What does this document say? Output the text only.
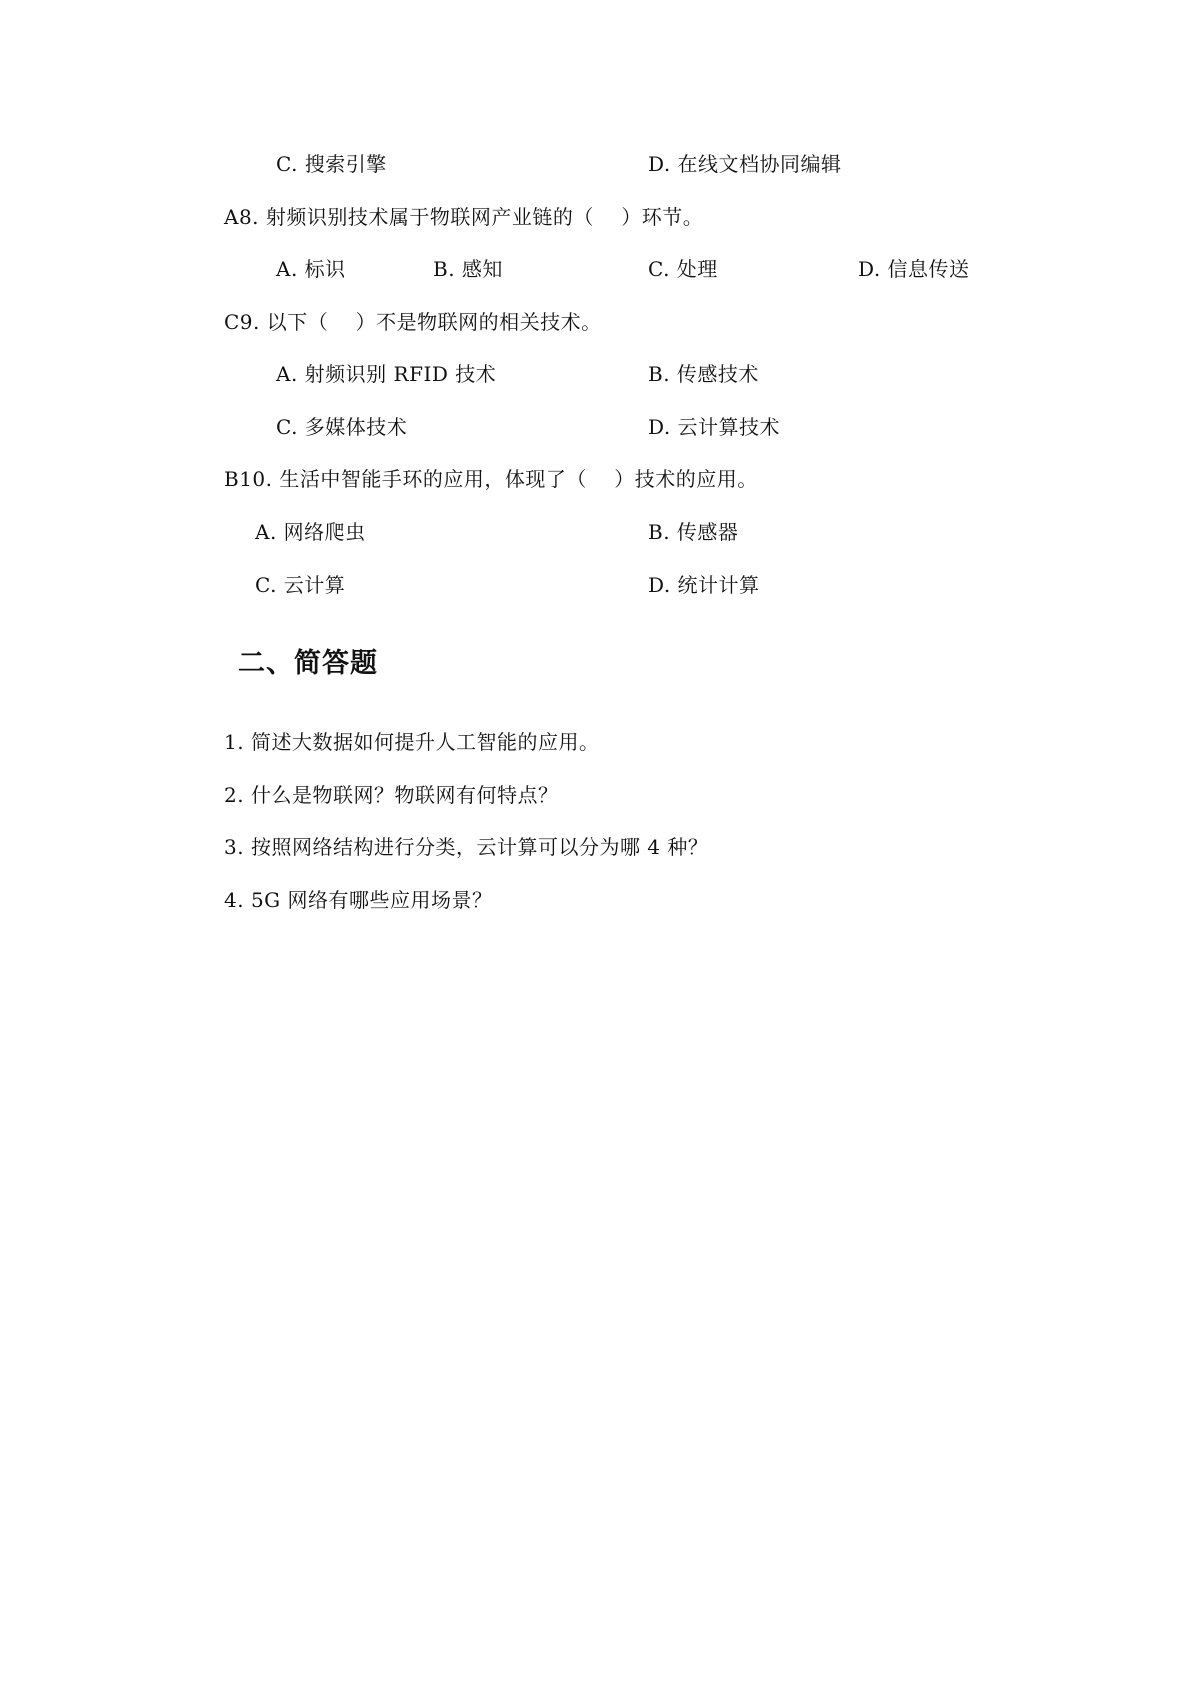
C. 搜索引擎	D. 在线文档协同编辑
A8. 射频识别技术属于物联网产业链的（    ）环节。
A. 标识	B. 感知	C. 处理	D. 信息传送
C9. 以下（    ）不是物联网的相关技术。
A. 射频识别 RFID 技术	B. 传感技术
C. 多媒体技术	D. 云计算技术
B10. 生活中智能手环的应用，体现了（    ）技术的应用。
A. 网络爬虫	B. 传感器
C. 云计算	D. 统计计算
二、简答题
1. 简述大数据如何提升人工智能的应用。
2. 什么是物联网？物联网有何特点？
3. 按照网络结构进行分类，云计算可以分为哪 4 种？
4. 5G 网络有哪些应用场景？
